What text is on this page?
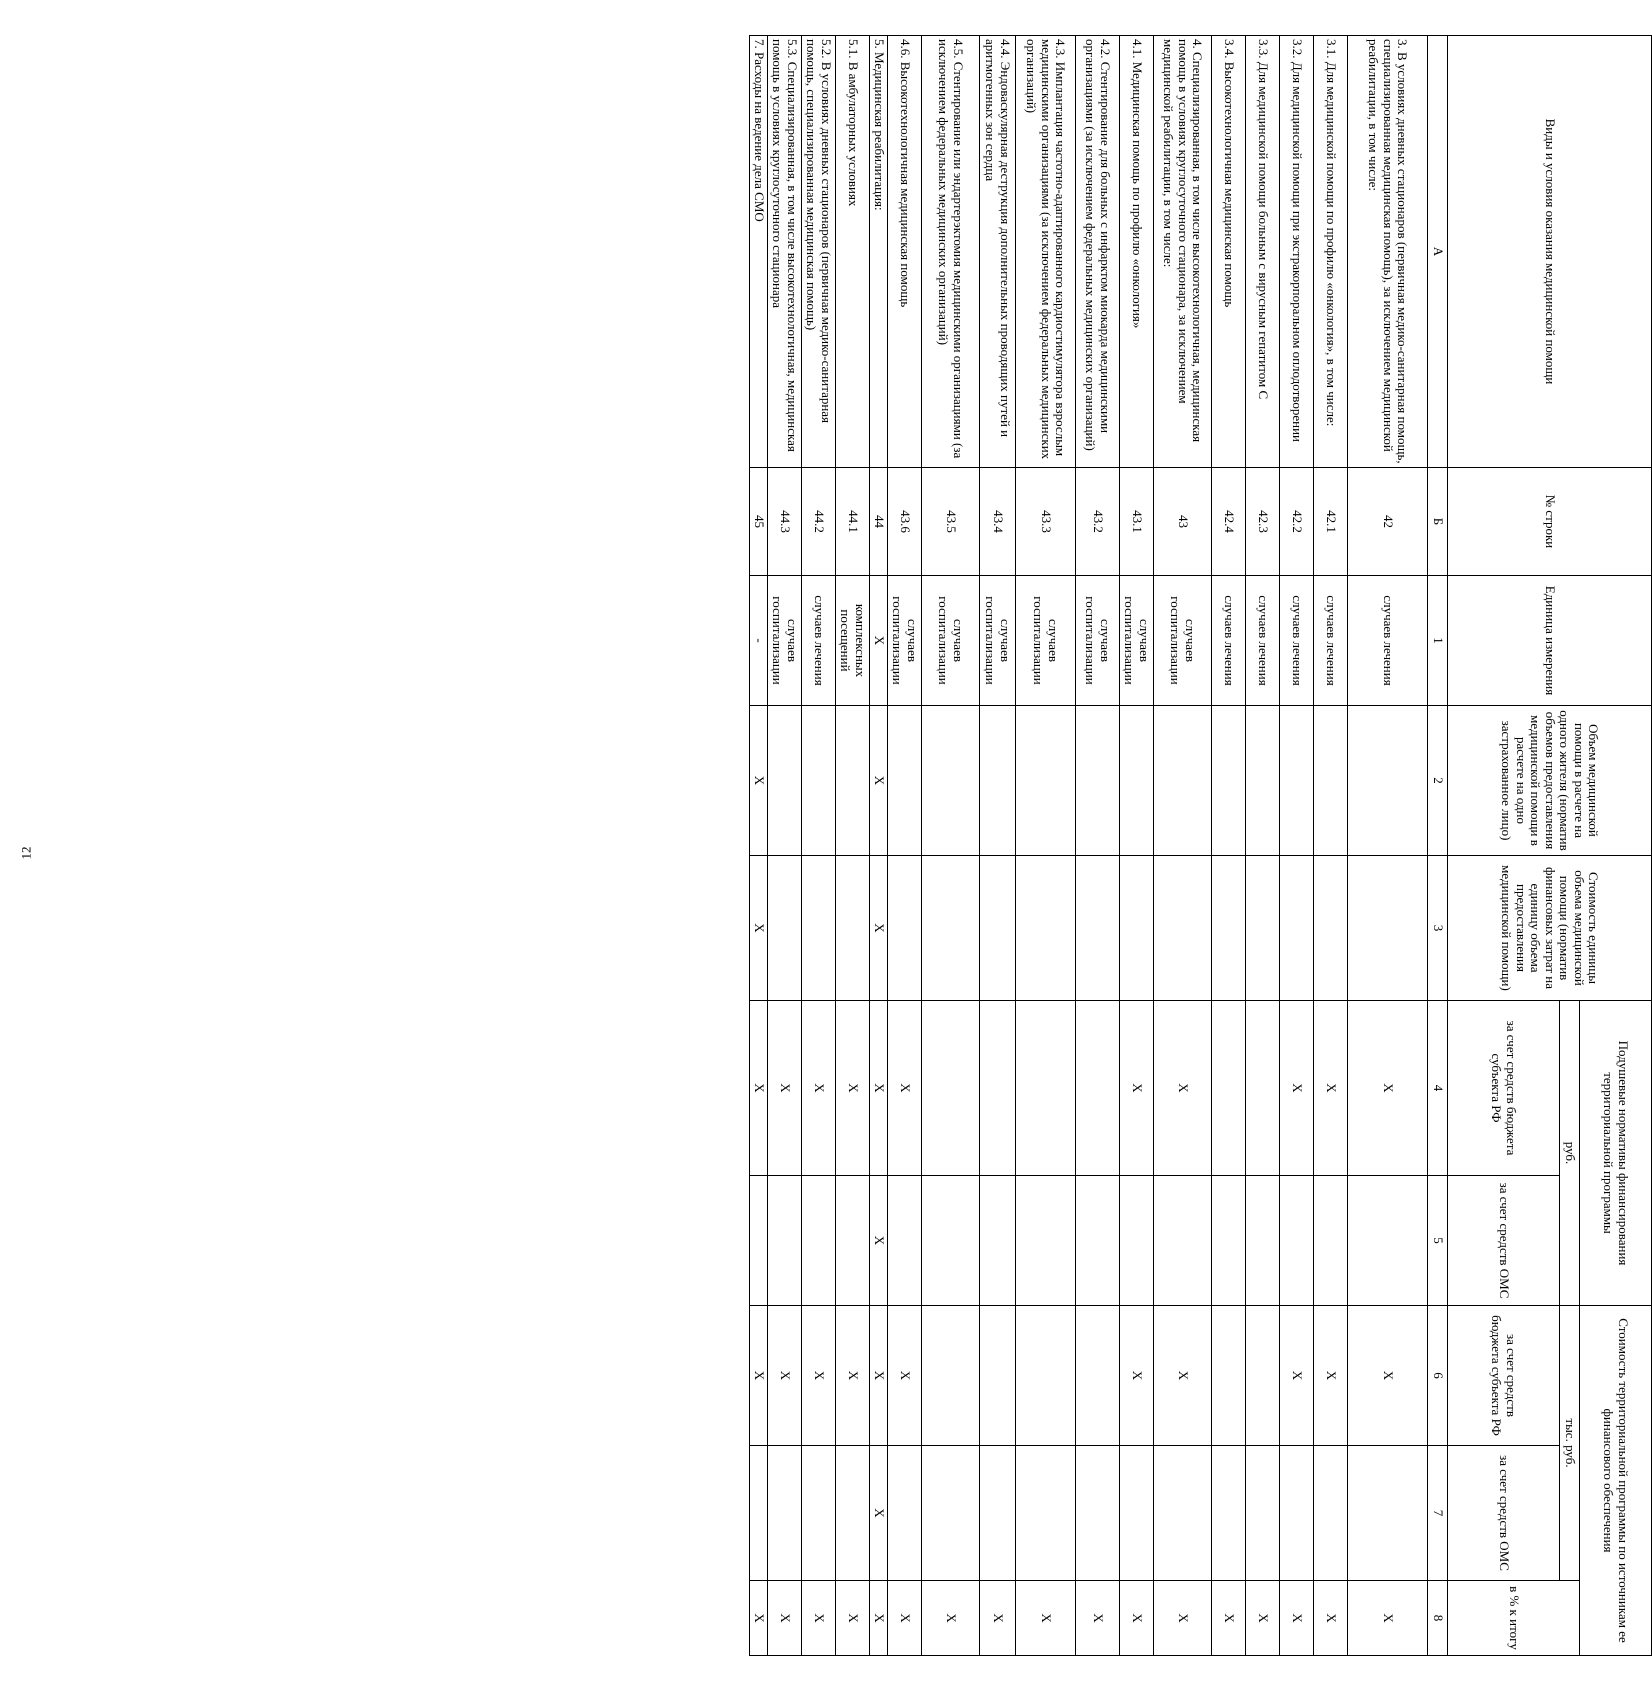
12
Виды и условия оказания медицинской помощи	№ строки	Единица измерения	Объем медицинской помощи в расчете на одного жителя (норматив объемов предоставления медицинской помощи в расчете на одно застрахованное лицо)	Стоимость единицы объема медицинской помощи (норматив финансовых затрат на единицу объема предоставления медицинской помощи)	Подушевые нормативы финансирования территориальной программы		Стоимость территориальной программы по источникам ее финансового обеспечения		
					руб.		тыс. руб.		в % к итогу
					за счет средств бюджета субъекта РФ	за счет средств ОМС	за счет средств бюджета субъекта РФ	за счет средств ОМС	
А	Б	1	2	3	4	5	6	7	8
3. В условиях дневных стационаров (первичная медико-санитарная помощь, специализированная медицинская помощь), за исключением медицинской реабилитации, в том числе:	42	случаев лечения			X		X		X
3.1. Для медицинской помощи по профилю «онкология», в том числе:	42.1	случаев лечения			X		X		X
3.2. Для медицинской помощи при экстракорпоральном оплодотворении	42.2	случаев лечения			X		X		X
3.3. Для медицинской помощи больным с вирусным гепатитом С	42.3	случаев лечения							X
3.4. Высокотехнологичная медицинская помощь	42.4	случаев лечения							X
4. Специализированная, в том числе высокотехнологичная, медицинская помощь в условиях круглосуточного стационара, за исключением медицинской реабилитации, в том числе:	43	случаев госпитализации			X		X		X
4.1. Медицинская помощь по профилю «онкология»	43.1	случаев госпитализации			X		X		X
4.2. Стентирование для больных с инфарктом миокарда медицинскими организациями (за исключением федеральных медицинских организаций)	43.2	случаев госпитализации							X
4.3. Имплантация частотно-адаптированного кардиостимулятора взрослым медицинскими организациями (за исключением федеральных медицинских организаций)	43.3	случаев госпитализации							X
4.4. Эндоваскулярная деструкция дополнительных проводящих путей и аритмогенных зон сердца	43.4	случаев госпитализации							X
4.5. Стентирование или эндартерэктомия медицинскими организациями (за исключением федеральных медицинских организаций)	43.5	случаев госпитализации							X
4.6. Высокотехнологичная медицинская помощь	43.6	случаев госпитализации			X		X		X
5. Медицинская реабилитация:	44	X	X	X	X	X	X	X	X
5.1. В амбулаторных условиях	44.1	комплексных посещений			X		X		X
5.2. В условиях дневных стационаров (первичная медико-санитарная помощь, специализированная медицинская помощь)	44.2	случаев лечения			X		X		X
5.3. Специализированная, в том числе высокотехнологичная, медицинская помощь в условиях круглосуточного стационара	44.3	случаев госпитализации			X		X		X
7. Расходы на ведение дела СМО	45	-	X	X	X		X		X
